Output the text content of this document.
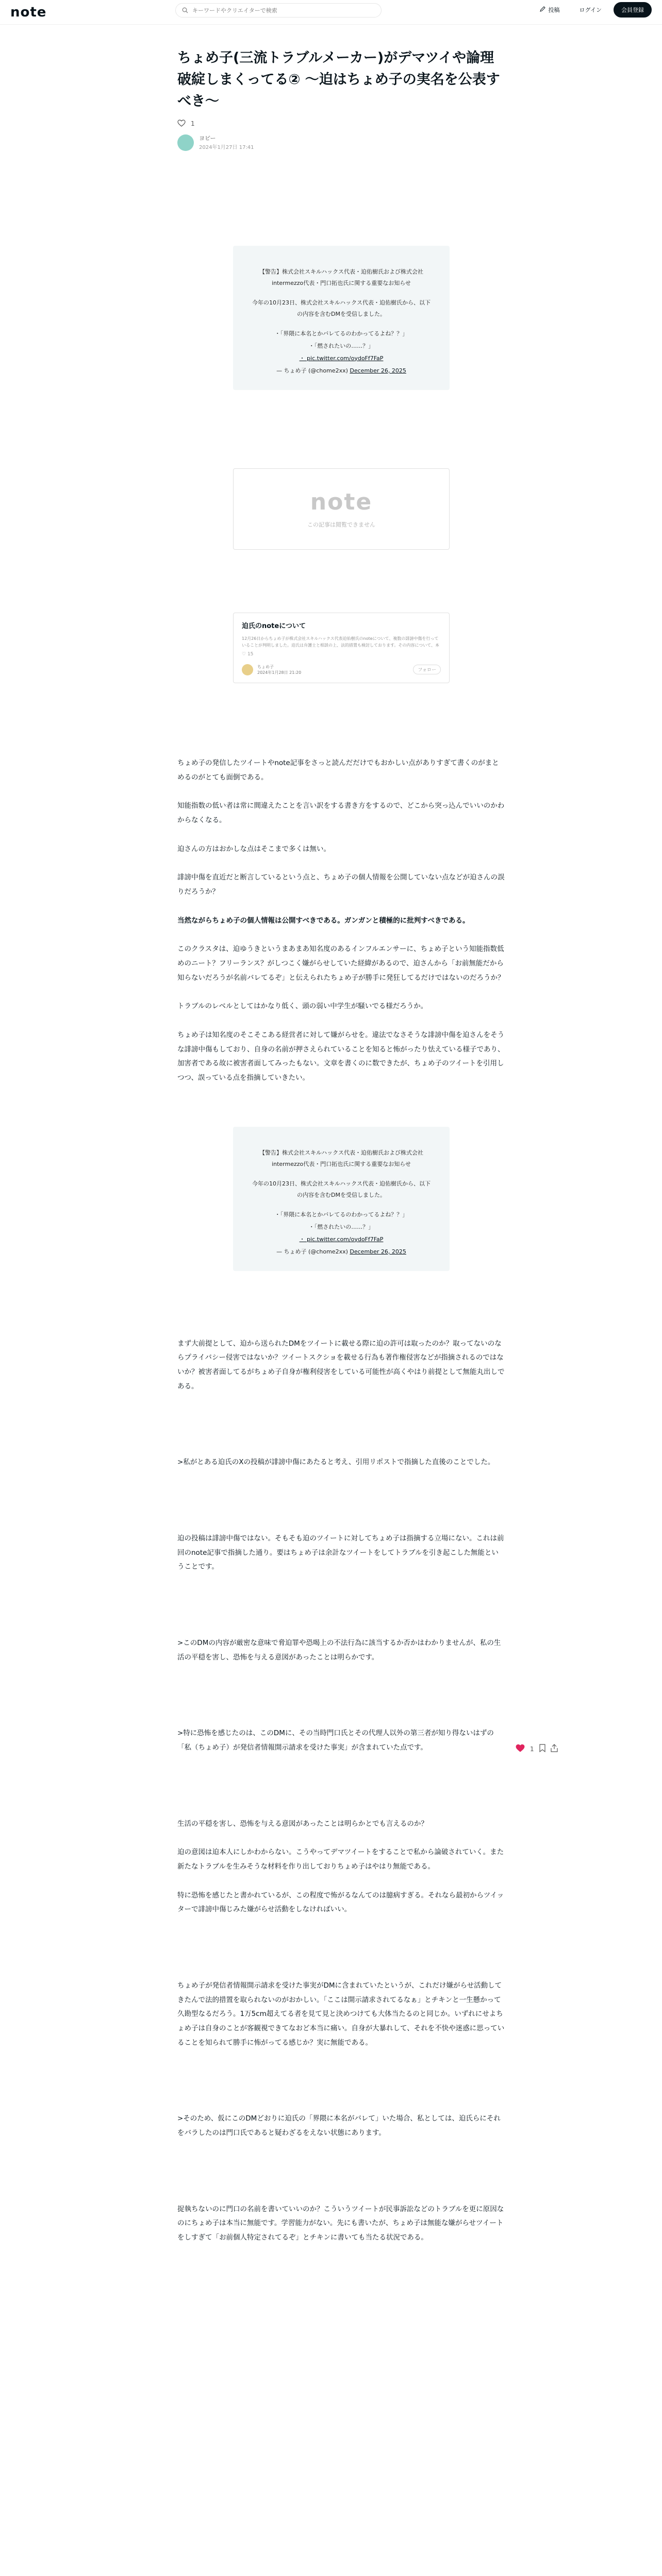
note
キーワードやクリエイターで検索	投稿	ログイン	会員登録
ちょめ子(三流トラブルメーカー)がデマツイや論理破綻しまくってる② 〜迫はちょめ子の実名を公表すべき〜
1
ヨビー
2024年1月27日 17:41

【警告】株式会社スキルハックス代表・迫佑樹氏および株式会社intermezzo代表・門口拓也氏に関する重要なお知らせ

今年の10月23日、株式会社スキルハックス代表・迫佑樹氏から、以下の内容を含むDMを受信しました。

・「界隈に本名とかバレてるのわかってるよね？？」
・「燃されたいの……？」
・ pic.twitter.com/oydoFf7FaP
— ちょめ子 (@chome2xx) December 26, 2025
note
この記事は閲覧できません
迫氏のnoteについて
12月26日からちょめ子が株式会社スキルハックス代表迫佑樹氏のnoteについて、複数の誹謗中傷を行っていることが判明しました。迫氏は弁護士と相談の上、法的措置も検討しております。その内容について、本
♡ 15
ちょめ子
2024年1月28日 21:20	フォロー

ちょめ子の発信したツイートやnote記事をさっと読んだだけでもおかしい点がありすぎて書くのがまとめるのがとても面倒である。

知能指数の低い者は常に間違えたことを言い訳をする書き方をするので、どこから突っ込んでいいのかわからなくなる。

迫さんの方はおかしな点はそこまで多くは無い。

誹謗中傷を直近だと断言しているという点と、ちょめ子の個人情報を公開していない点などが迫さんの誤りだろうか？

当然ながらちょめ子の個人情報は公開すべきである。ガンガンと積極的に批判すべきである。

このクラスタは、迫ゆうきというまあまあ知名度のあるインフルエンサーに、ちょめ子という知能指数低めのニート？フリーランス？がしつこく嫌がらせしていた経緯があるので、迫さんから「お前無能だから知らないだろうが名前バレてるぞ」と伝えられたちょめ子が勝手に発狂してるだけではないのだろうか？

トラブルのレベルとしてはかなり低く、頭の弱い中学生が騒いでる様だろうか。

ちょめ子は知名度のそこそこある経営者に対して嫌がらせを。違法でなさそうな誹謗中傷を迫さんをそうな誹謗中傷もしており、自身の名前が押さえられていることを知ると怖がったり怯えている様子であり、加害者である故に被害者面してみったもない。文章を書くのに数できたが、ちょめ子のツイートを引用しつつ、誤っている点を指摘していきたい。

【警告】株式会社スキルハックス代表・迫佑樹氏および株式会社intermezzo代表・門口拓也氏に関する重要なお知らせ

今年の10月23日、株式会社スキルハックス代表・迫佑樹氏から、以下の内容を含むDMを受信しました。

・「界隈に本名とかバレてるのわかってるよね？？」
・「燃されたいの……？」
・ pic.twitter.com/oydoFf7FaP
— ちょめ子 (@chome2xx) December 26, 2025

まず大前提として、迫から送られたDMをツイートに載せる際に迫の許可は取ったのか？取ってないのならプライバシー侵害ではないか？ツイートスクショを載せる行為も著作権侵害などが指摘されるのではないか？被害者面してるがちょめ子自身が権利侵害をしている可能性が高くやはり前提として無能丸出しである。

>私がとある迫氏のXの投稿が誹謗中傷にあたると考え、引用リポストで指摘した直後のことでした。

迫の投稿は誹謗中傷ではない。そもそも迫のツイートに対してちょめ子は指摘する立場にない。これは前回のnote記事で指摘した通り。要はちょめ子は余計なツイートをしてトラブルを引き起こした無能ということです。

>このDMの内容が厳密な意味で脅迫罪や恐喝上の不法行為に該当するか否かはわかりませんが、私の生活の平穏を害し、恐怖を与える意図があったことは明らかです。

>特に恐怖を感じたのは、このDMに、その当時門口氏とその代理人以外の第三者が知り得ないはずの「私（ちょめ子）が発信者情報開示請求を受けた事実」が含まれていた点です。

生活の平穏を害し、恐怖を与える意図があったことは明らかとでも言えるのか？

迫の意図は迫本人にしかわからない。こうやってデマツイートをすることで私から論破されていく。また新たなトラブルを生みそうな材料を作り出しておりちょめ子はやはり無能である。

特に恐怖を感じたと書かれているが、この程度で怖がるなんてのは臆病すぎる。それなら最初からツイッターで誹謗中傷じみた嫌がらせ活動をしなければいい。

ちょめ子が発信者情報開示請求を受けた事実がDMに含まれていたというが、これだけ嫌がらせ活動してきたんで法的措置を取られないのがおかしい。「ここは開示請求されてるなぁ」とチキンと一生懸かって久勘型なるだろう。1万5cm超えてる者を見て見と決めつけても大体当たるのと同じか。いずれにせよちょめ子は自身のことが客観視できてなおど本当に痛い。自身が大暴れして、それを不快や迷惑に思っていることを知られて勝手に怖がってる感じか？実に無能である。

>そのため、仮にこのDMどおりに迫氏の「界隈に本名がバレて」いた場合、私としては、迫氏らにそれをバラしたのは門口氏であると疑わざるをえない状態にあります。

捉執ちないのに門口の名前を書いていいのか？こういうツイートが民事訴訟などのトラブルを更に原因なのにちょめ子は本当に無能です。学習能力がない。先にも書いたが、ちょめ子は無能な嫌がらせツイートをしすぎて「お前個人特定されてるぞ」とチキンに書いても当たる状況である。

1
